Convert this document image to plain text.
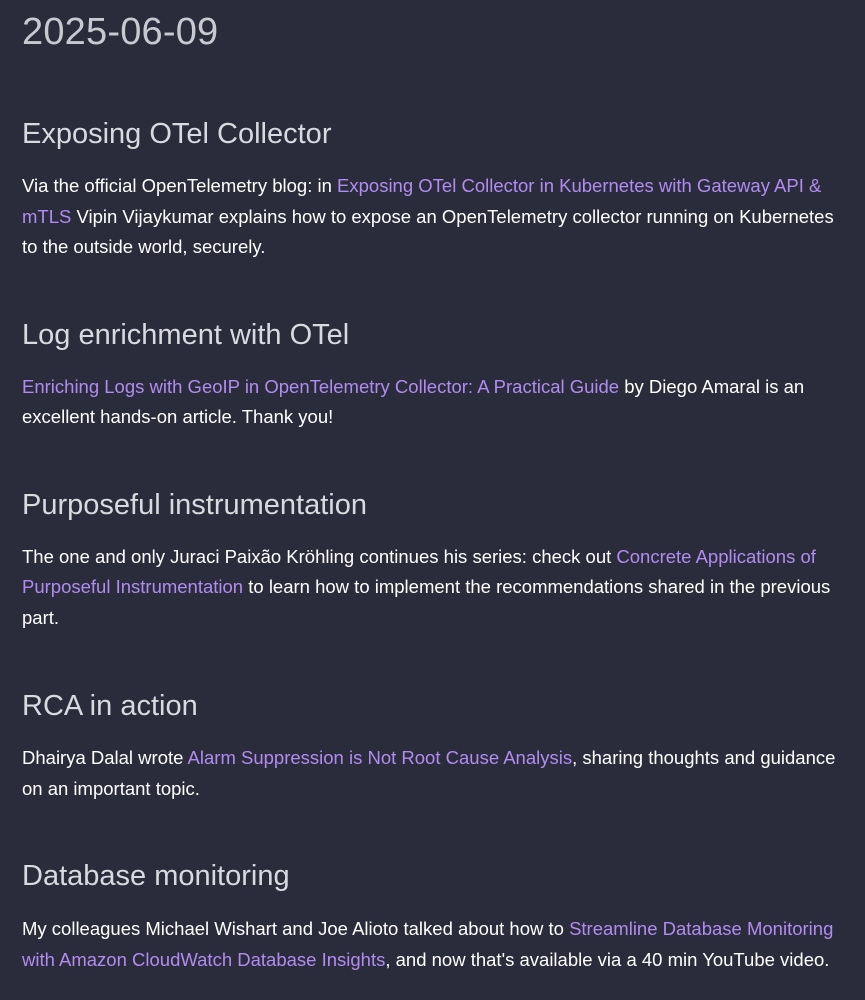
2025-06-09
Exposing OTel Collector

Via the official OpenTelemetry blog: in Exposing OTel Collector in Kubernetes with Gateway API & mTLS Vipin Vijaykumar explains how to expose an OpenTelemetry collector running on Kubernetes to the outside world, securely.

Log enrichment with OTel

Enriching Logs with GeoIP in OpenTelemetry Collector: A Practical Guide by Diego Amaral is an excellent hands-on article. Thank you!

Purposeful instrumentation

The one and only Juraci Paixão Kröhling continues his series: check out Concrete Applications of Purposeful Instrumentation to learn how to implement the recommendations shared in the previous part.

RCA in action

Dhairya Dalal wrote Alarm Suppression is Not Root Cause Analysis, sharing thoughts and guidance on an important topic.

Database monitoring

My colleagues Michael Wishart and Joe Alioto talked about how to Streamline Database Monitoring with Amazon CloudWatch Database Insights, and now that's available via a 40 min YouTube video.
